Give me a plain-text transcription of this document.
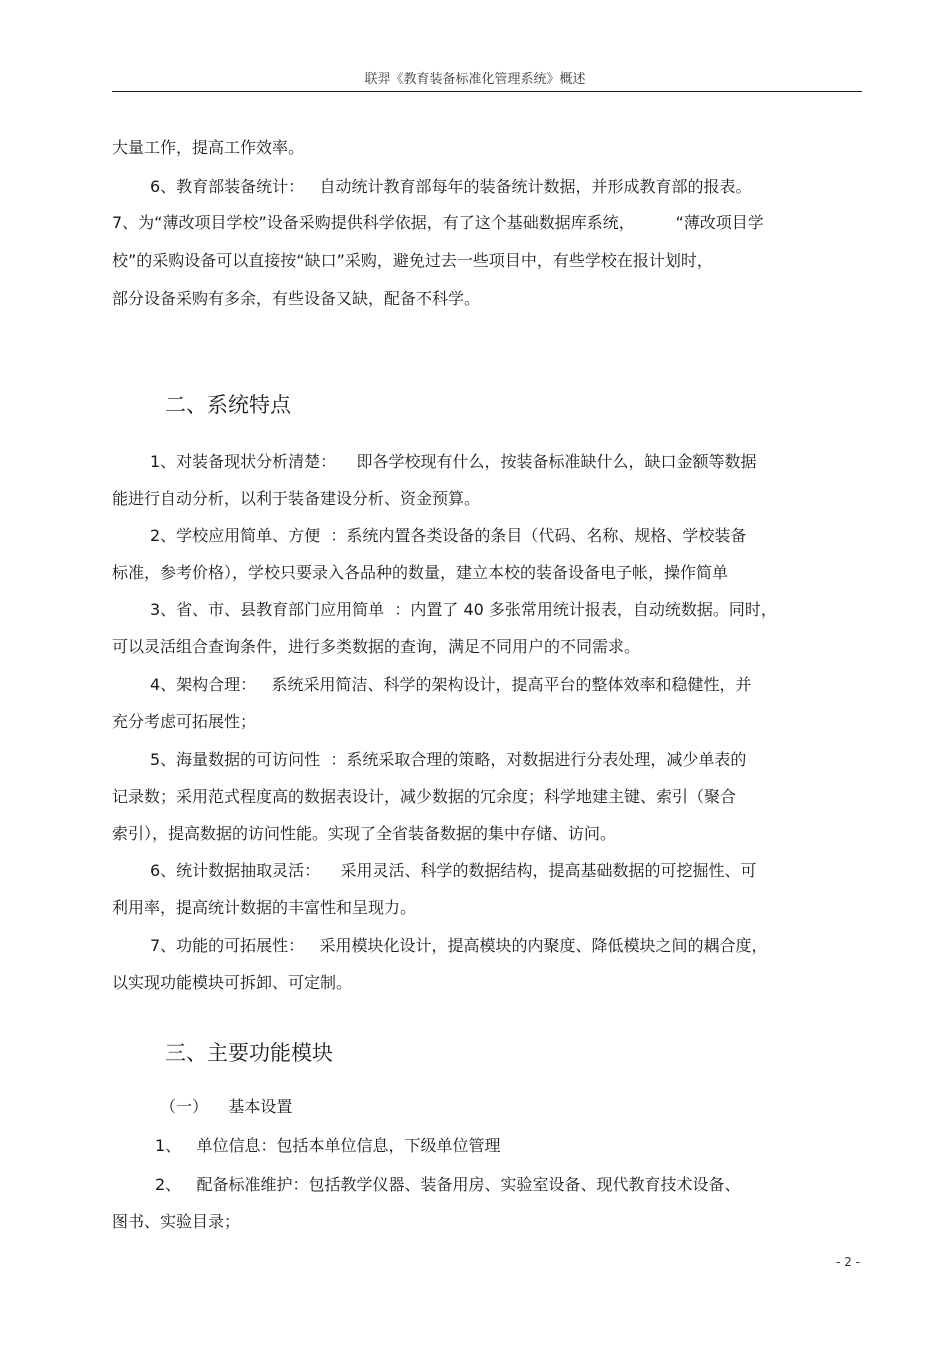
联羿《教育装备标准化管理系统》概述
大量工作，提高工作效率。
6、教育部装备统计：   自动统计教育部每年的装备统计数据，并形成教育部的报表。
7、为“薄改项目学校”设备采购提供科学依据，有了这个基础数据库系统，        “薄改项目学
校”的采购设备可以直接按“缺口”采购，避免过去一些项目中，有些学校在报计划时，
部分设备采购有多余，有些设备又缺，配备不科学。
二、系统特点
1、对装备现状分析清楚：    即各学校现有什么，按装备标准缺什么，缺口金额等数据
能进行自动分析，以利于装备建设分析、资金预算。
2、学校应用简单、方便  ：系统内置各类设备的条目（代码、名称、规格、学校装备
标准，参考价格），学校只要录入各品种的数量，建立本校的装备设备电子帐，操作简单
3、省、市、县教育部门应用简单  ：内置了 40 多张常用统计报表，自动统数据。同时，
可以灵活组合查询条件，进行多类数据的查询，满足不同用户的不同需求。
4、架构合理：   系统采用简洁、科学的架构设计，提高平台的整体效率和稳健性，并
充分考虑可拓展性；
5、海量数据的可访问性  ：系统采取合理的策略，对数据进行分表处理，减少单表的
记录数；采用范式程度高的数据表设计，减少数据的冗余度；科学地建主键、索引（聚合
索引），提高数据的访问性能。实现了全省装备数据的集中存储、访问。
6、统计数据抽取灵活：    采用灵活、科学的数据结构，提高基础数据的可挖掘性、可
利用率，提高统计数据的丰富性和呈现力。
7、功能的可拓展性：   采用模块化设计，提高模块的内聚度、降低模块之间的耦合度，
以实现功能模块可拆卸、可定制。
三、主要功能模块
（一）    基本设置
1、   单位信息：包括本单位信息，下级单位管理
2、   配备标准维护：包括教学仪器、装备用房、实验室设备、现代教育技术设备、
图书、实验目录；
- 2 -
